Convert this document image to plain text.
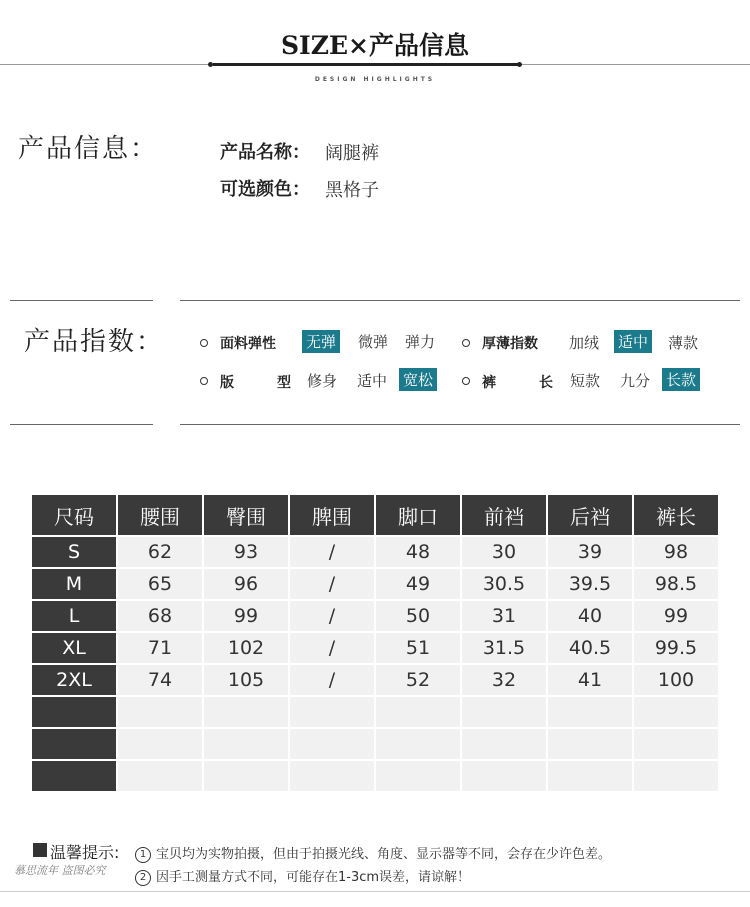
SIZE×产品信息
DESIGN HIGHLIGHTS
产品信息：	产品名称： 阔腿裤
可选颜色： 黑格子
产品指数：	面料弹性 无弹 微弹 弹力	厚薄指数 加绒 适中 薄款
版　　型 修身 适中 宽松	裤　　长 短款 九分 长款
尺码	腰围	臀围	脾围	脚口	前裆	后裆	裤长
S	62	93	/	48	30	39	98
M	65	96	/	49	30.5	39.5	98.5
L	68	99	/	50	31	40	99
XL	71	102	/	51	31.5	40.5	99.5
2XL	74	105	/	52	32	41	100

温馨提示:	1 宝贝均为实物拍摄，但由于拍摄光线、角度、显示器等不同，会存在少许色差。
2 因手工测量方式不同，可能存在1-3cm误差，请谅解！
慕思流年 盗图必究
